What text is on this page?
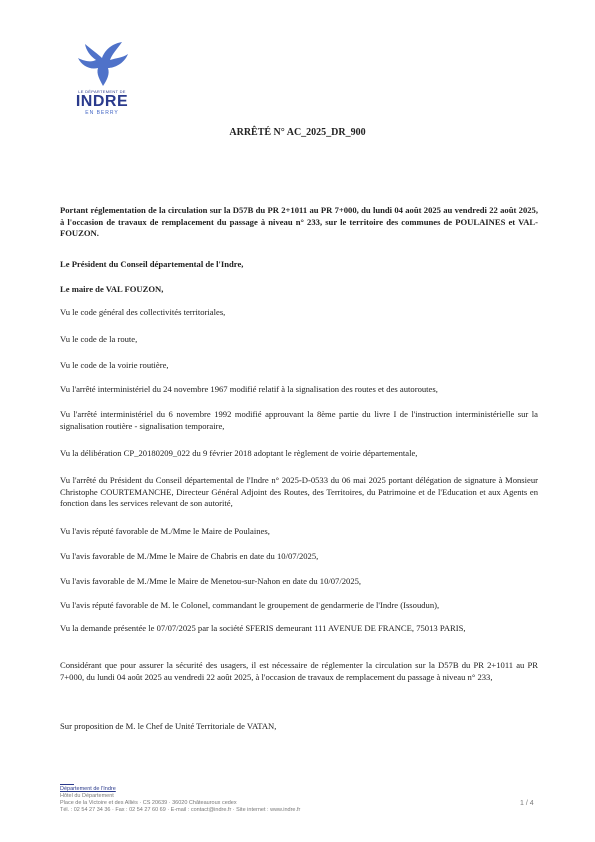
LE DÉPARTEMENT DE
INDRE
EN BERRY
ARRÊTÉ N° AC_2025_DR_900

Portant réglementation de la circulation sur la D57B du PR 2+1011 au PR 7+000, du lundi 04 août 2025 au vendredi 22 août 2025, à l'occasion de travaux de remplacement du passage à niveau n° 233, sur le territoire des communes de POULAINES et VAL-FOUZON.

Le Président du Conseil départemental de l'Indre,

Le maire de VAL FOUZON,

Vu le code général des collectivités territoriales,

Vu le code de la route,

Vu le code de la voirie routière,

Vu l'arrêté interministériel du 24 novembre 1967 modifié relatif à la signalisation des routes et des autoroutes,

Vu l'arrêté interministériel du 6 novembre 1992 modifié approuvant la 8ème partie du livre I de l'instruction interministérielle sur la signalisation routière - signalisation temporaire,

Vu la délibération CP_20180209_022 du 9 février 2018 adoptant le règlement de voirie départementale,

Vu l'arrêté du Président du Conseil départemental de l'Indre n° 2025-D-0533 du 06 mai 2025 portant délégation de signature à Monsieur Christophe COURTEMANCHE, Directeur Général Adjoint des Routes, des Territoires, du Patrimoine et de l'Education et aux Agents en fonction dans les services relevant de son autorité,

Vu l'avis réputé favorable de M./Mme le Maire de Poulaines,

Vu l'avis favorable de M./Mme le Maire de Chabris en date du 10/07/2025,

Vu l'avis favorable de M./Mme le Maire de Menetou-sur-Nahon en date du 10/07/2025,

Vu l'avis réputé favorable de M. le Colonel, commandant le groupement de gendarmerie de l'Indre (Issoudun),

Vu la demande présentée le 07/07/2025 par la société SFERIS demeurant 111 AVENUE DE FRANCE, 75013 PARIS,

Considérant que pour assurer la sécurité des usagers, il est nécessaire de réglementer la circulation sur la D57B du PR 2+1011 au PR 7+000, du lundi 04 août 2025 au vendredi 22 août 2025, à l'occasion de travaux de remplacement du passage à niveau n° 233,

Sur proposition de M. le Chef de Unité Territoriale de VATAN,

Département de l'Indre
Hôtel du Département
Place de la Victoire et des Alliés · CS 20639 · 36020 Châteauroux cedex
Tél. : 02 54 27 34 36 · Fax : 02 54 27 60 69 · E-mail : contact@indre.fr · Site internet : www.indre.fr
1 / 4
